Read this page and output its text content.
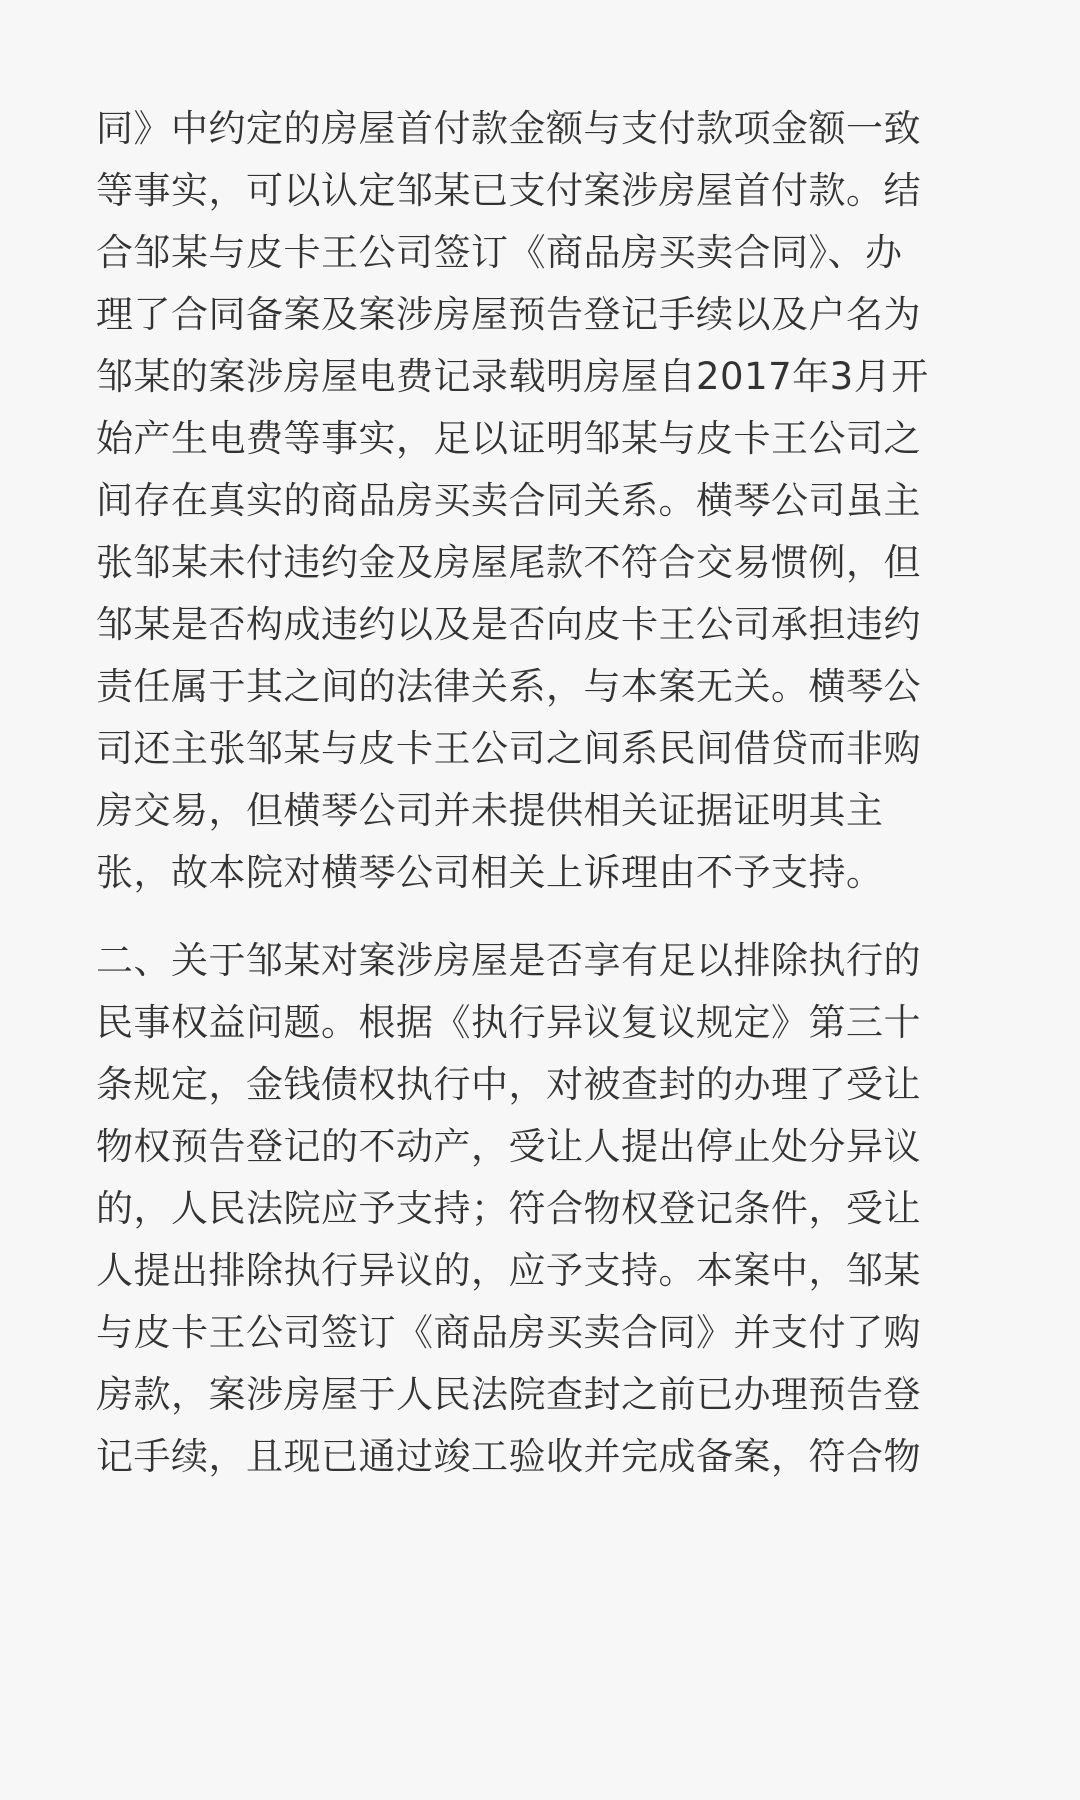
同》中约定的房屋首付款金额与支付款项金额一致
等事实，可以认定邹某已支付案涉房屋首付款。结
合邹某与皮卡王公司签订《商品房买卖合同》、办
理了合同备案及案涉房屋预告登记手续以及户名为
邹某的案涉房屋电费记录载明房屋自2017年3月开
始产生电费等事实，足以证明邹某与皮卡王公司之
间存在真实的商品房买卖合同关系。横琴公司虽主
张邹某未付违约金及房屋尾款不符合交易惯例，但
邹某是否构成违约以及是否向皮卡王公司承担违约
责任属于其之间的法律关系，与本案无关。横琴公
司还主张邹某与皮卡王公司之间系民间借贷而非购
房交易，但横琴公司并未提供相关证据证明其主
张，故本院对横琴公司相关上诉理由不予支持。

二、关于邹某对案涉房屋是否享有足以排除执行的
民事权益问题。根据《执行异议复议规定》第三十
条规定，金钱债权执行中，对被查封的办理了受让
物权预告登记的不动产，受让人提出停止处分异议
的，人民法院应予支持；符合物权登记条件，受让
人提出排除执行异议的，应予支持。本案中，邹某
与皮卡王公司签订《商品房买卖合同》并支付了购
房款，案涉房屋于人民法院查封之前已办理预告登
记手续，且现已通过竣工验收并完成备案，符合物
